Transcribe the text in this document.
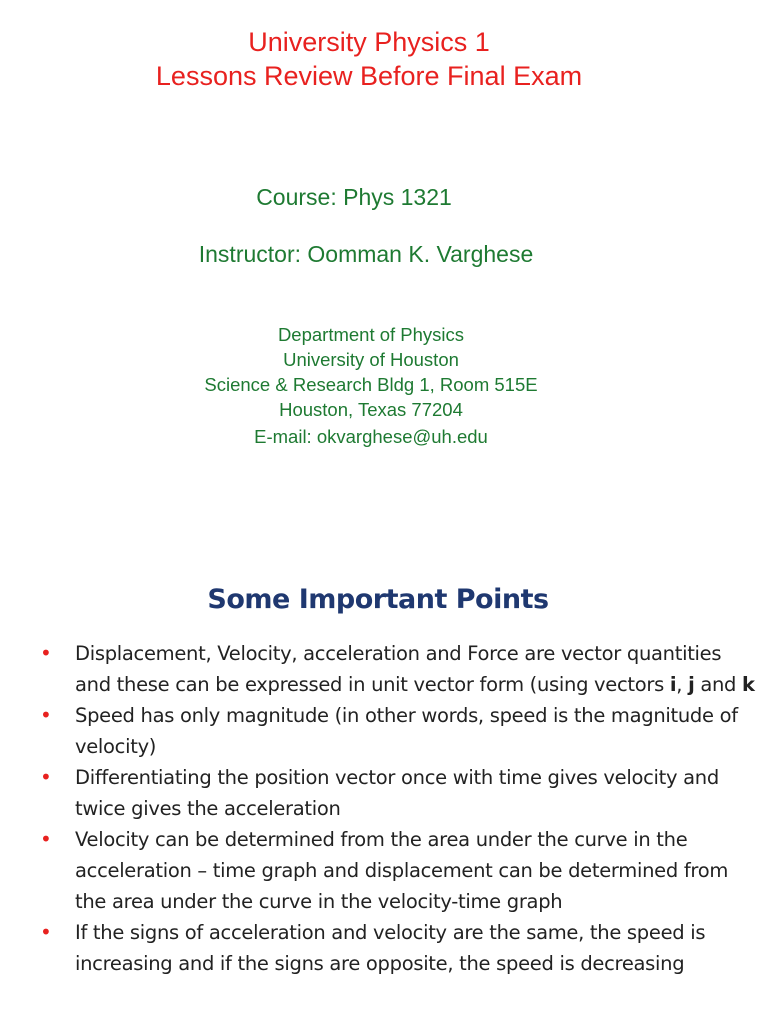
University Physics 1
Lessons Review Before Final Exam
Course: Phys 1321
Instructor: Oomman K. Varghese
Department of Physics
University of Houston
Science & Research Bldg 1, Room 515E
Houston, Texas 77204
E-mail: okvarghese@uh.edu
Some Important Points
• Displacement, Velocity, acceleration and Force are vector quantities and these can be expressed in unit vector form (using vectors i, j and k
• Speed has only magnitude (in other words, speed is the magnitude of velocity)
• Differentiating the position vector once with time gives velocity and twice gives the acceleration
• Velocity can be determined from the area under the curve in the acceleration – time graph and displacement can be determined from the area under the curve in the velocity-time graph
• If the signs of acceleration and velocity are the same, the speed is increasing and if the signs are opposite, the speed is decreasing
